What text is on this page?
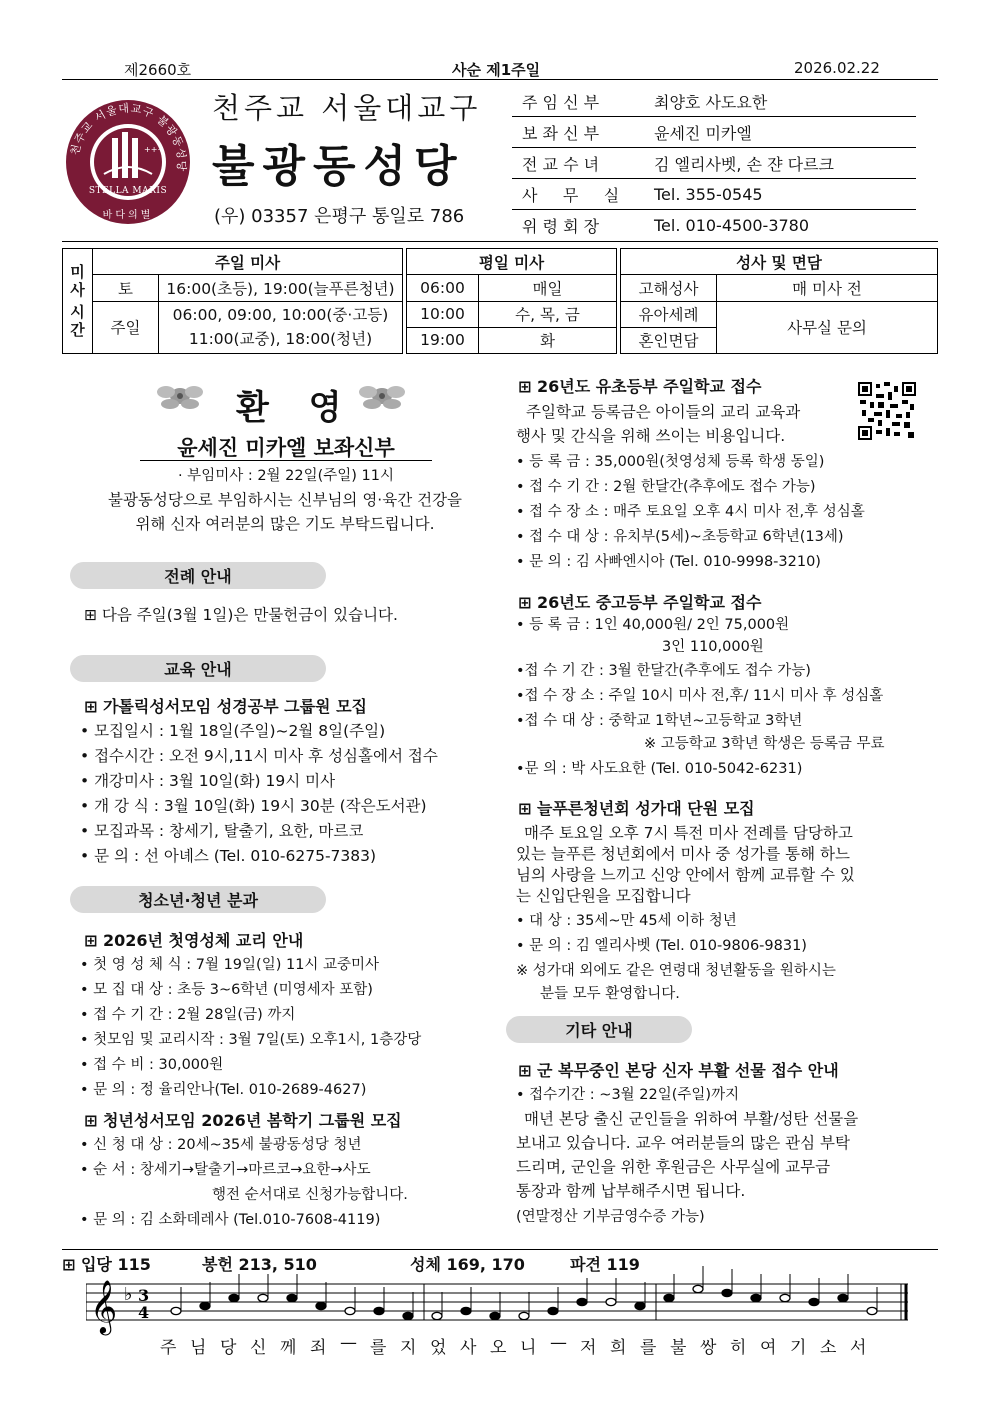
제2660호	사순 제1주일	2026.02.22
천주교 서울대교구 불광동성당
+++
STELLA MARIS
바다의별
천주교 서울대교구
불광동성당
(우) 03357 은평구 통일로 786
주 임 신 부	최양호 사도요한
보 좌 신 부	윤세진 미카엘
전 교 수 녀	김 엘리사벳, 손 쟌 다르크
사     무     실	Tel. 355-0545
위 령 회 장	Tel. 010-4500-3780
미
사
시
간	주일 미사			평일 미사			성사 및 면담	
	토	16:00(초등), 19:00(늘푸른청년)		06:00	매일		고해성사	매 미사 전
	주일	06:00, 09:00, 10:00(중·고등)
11:00(교중), 18:00(청년)		10:00	수, 목, 금		유아세례	사무실 문의
				19:00	화		혼인면담	
환 영
윤세진 미카엘 보좌신부
· 부임미사 : 2월 22일(주일) 11시
불광동성당으로 부임하시는 신부님의 영·육간 건강을
위해 신자 여러분의 많은 기도 부탁드립니다.
전례 안내
⊞ 다음 주일(3월 1일)은 만물헌금이 있습니다.
교육 안내
⊞ 가톨릭성서모임 성경공부 그룹원 모집
• 모집일시 : 1월 18일(주일)~2월 8일(주일)
• 접수시간 : 오전 9시,11시 미사 후 성심홀에서 접수
• 개강미사 : 3월 10일(화) 19시 미사
• 개 강 식 : 3월 10일(화) 19시 30분 (작은도서관)
• 모집과목 : 창세기, 탈출기, 요한, 마르코
• 문 의 : 선 아녜스 (Tel. 010-6275-7383)
청소년·청년 분과
⊞ 2026년 첫영성체 교리 안내
• 첫 영 성 체 식 : 7월 19일(일) 11시 교중미사
• 모 집 대 상 : 초등 3~6학년 (미영세자 포함)
• 접 수 기 간 : 2월 28일(금) 까지
• 첫모임 및 교리시작 : 3월 7일(토) 오후1시, 1층강당
• 접 수 비 : 30,000원
• 문 의 : 정 율리안나(Tel. 010-2689-4627)
⊞ 청년성서모임 2026년 봄학기 그룹원 모집
• 신 청 대 상 : 20세~35세 불광동성당 청년
• 순 서 : 창세기→탈출기→마르코→요한→사도
행전 순서대로 신청가능합니다.
• 문 의 : 김 소화데레사 (Tel.010-7608-4119)
⊞ 26년도 유초등부 주일학교 접수
주일학교 등록금은 아이들의 교리 교육과
행사 및 간식을 위해 쓰이는 비용입니다.
• 등 록 금 : 35,000원(첫영성체 등록 학생 동일)
• 접 수 기 간 : 2월 한달간(추후에도 접수 가능)
• 접 수 장 소 : 매주 토요일 오후 4시 미사 전,후 성심홀
• 접 수 대 상 : 유치부(5세)~초등학교 6학년(13세)
• 문 의 : 김 사빠엔시아 (Tel. 010-9998-3210)
⊞ 26년도 중고등부 주일학교 접수
• 등 록 금 : 1인 40,000원/ 2인 75,000원
3인 110,000원
•접 수 기 간 : 3월 한달간(추후에도 접수 가능)
•접 수 장 소 : 주일 10시 미사 전,후/ 11시 미사 후 성심홀
•접 수 대 상 : 중학교 1학년~고등학교 3학년
※ 고등학교 3학년 학생은 등록금 무료
•문 의 : 박 사도요한 (Tel. 010-5042-6231)
⊞ 늘푸른청년회 성가대 단원 모집
매주 토요일 오후 7시 특전 미사 전례를 담당하고
있는 늘푸른 청년회에서 미사 중 성가를 통해 하느
님의 사랑을 느끼고 신앙 안에서 함께 교류할 수 있
는 신입단원을 모집합니다
• 대 상 : 35세~만 45세 이하 청년
• 문 의 : 김 엘리사벳 (Tel. 010-9806-9831)
※ 성가대 외에도 같은 연령대 청년활동을 원하시는
분들 모두 환영합니다.
기타 안내
⊞ 군 복무중인 본당 신자 부활 선물 접수 안내
• 접수기간 : ~3월 22일(주일)까지
매년 본당 출신 군인들을 위하여 부활/성탄 선물을
보내고 있습니다. 교우 여러분들의 많은 관심 부탁
드리며, 군인을 위한 후원금은 사무실에 교무금
통장과 함께 납부해주시면 됩니다.
(연말정산 기부금영수증 가능)
⊞ 입당 115	봉헌 213, 510	성체 169, 170	파견 119
𝄞 ♭ 3
4
주 님 당 신 께 죄 — 를 지 었 사 오 니 — 저 희 를 불 쌍 히 여 기 소 서
